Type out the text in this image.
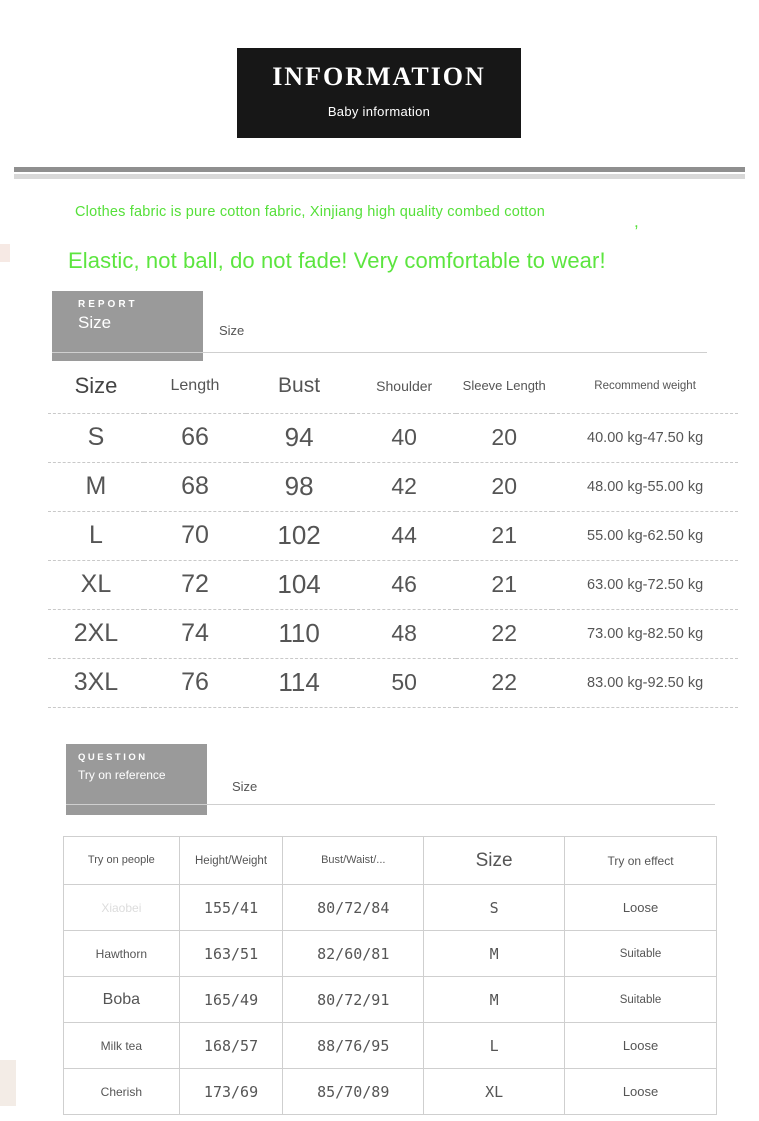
INFORMATION
Baby information
Clothes fabric is pure cotton fabric, Xinjiang high quality combed cotton	,
Elastic, not ball, do not fade! Very comfortable to wear!
REPORT
Size	Size
Size	Length	Bust	Shoulder	Sleeve Length	Recommend weight
S	66	94	40	20	40.00 kg-47.50 kg
M	68	98	42	20	48.00 kg-55.00 kg
L	70	102	44	21	55.00 kg-62.50 kg
XL	72	104	46	21	63.00 kg-72.50 kg
2XL	74	110	48	22	73.00 kg-82.50 kg
3XL	76	114	50	22	83.00 kg-92.50 kg
QUESTION
Try on reference
Size
Try on people	Height/Weight	Bust/Waist/...	Size	Try on effect
Xiaobei	155/41	80/72/84	S	Loose
Hawthorn	163/51	82/60/81	M	Suitable
Boba	165/49	80/72/91	M	Suitable
Milk tea	168/57	88/76/95	L	Loose
Cherish	173/69	85/70/89	XL	Loose
